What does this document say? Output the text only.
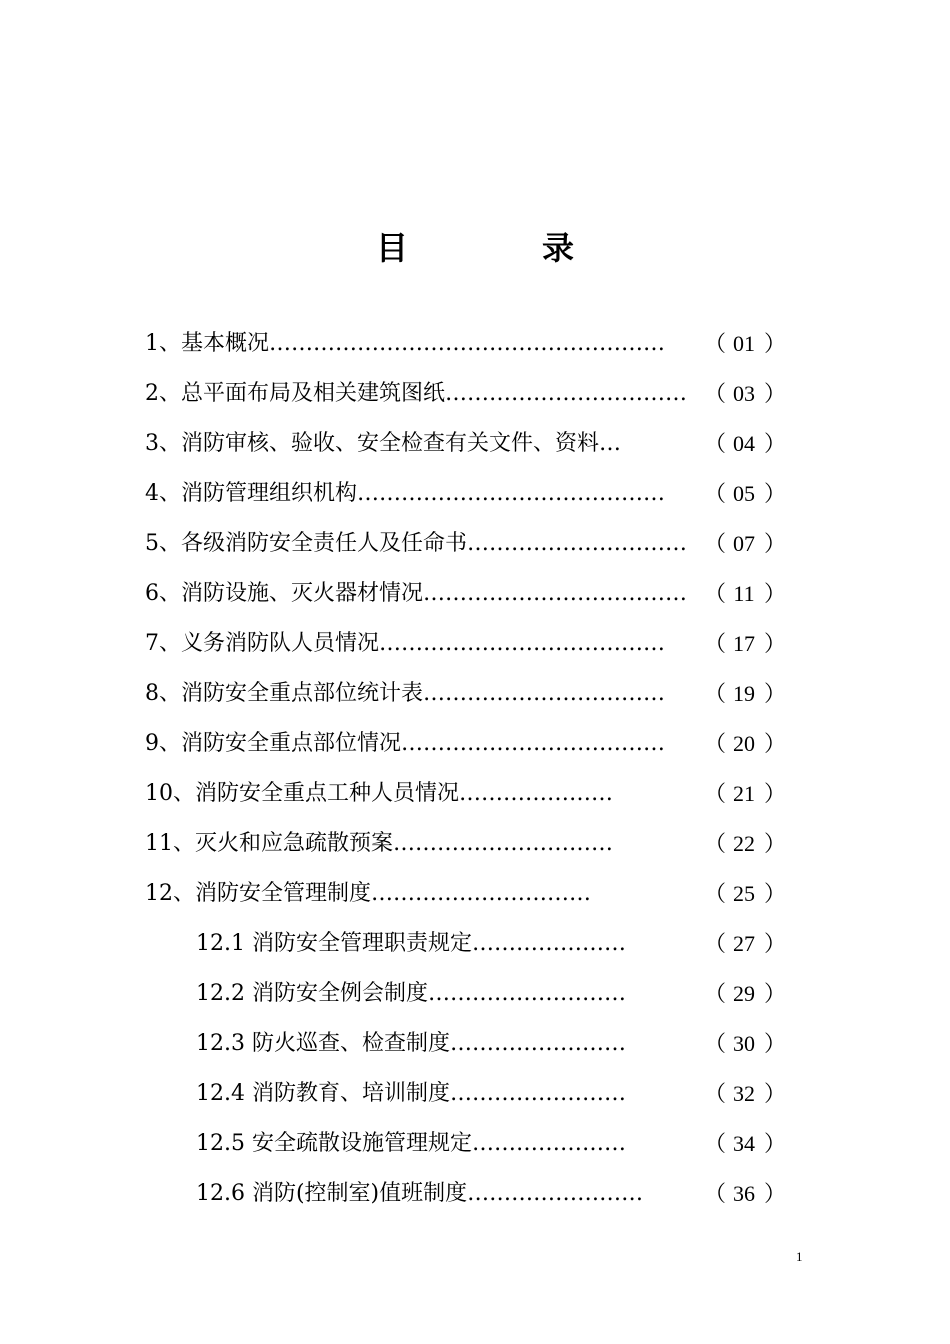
目	录
1、基本概况……………………………………………… （ 01 ）
2、总平面布局及相关建筑图纸…………………………… （ 03 ）
3、消防审核、验收、安全检查有关文件、资料…	（ 04 ）
4、消防管理组织机构…………………………………… （ 05 ）
5、各级消防安全责任人及任命书………………………… （ 07 ）
6、消防设施、灭火器材情况……………………………… （ 11 ）
7、义务消防队人员情况………………………………… （ 17 ）
8、消防安全重点部位统计表…………………………… （ 19 ）
9、消防安全重点部位情况……………………………… （ 20 ）
10、消防安全重点工种人员情况…………………	（ 21 ）
11、灭火和应急疏散预案…………………………	（ 22 ）
12、消防安全管理制度…………………………	（ 25 ）
12.1 消防安全管理职责规定…………………	（ 27 ）
12.2 消防安全例会制度………………………	（ 29 ）
12.3 防火巡查、检查制度……………………	（ 30 ）
12.4 消防教育、培训制度……………………	（ 32 ）
12.5 安全疏散设施管理规定…………………	（ 34 ）
12.6 消防(控制室)值班制度……………………	（ 36 ）
1
